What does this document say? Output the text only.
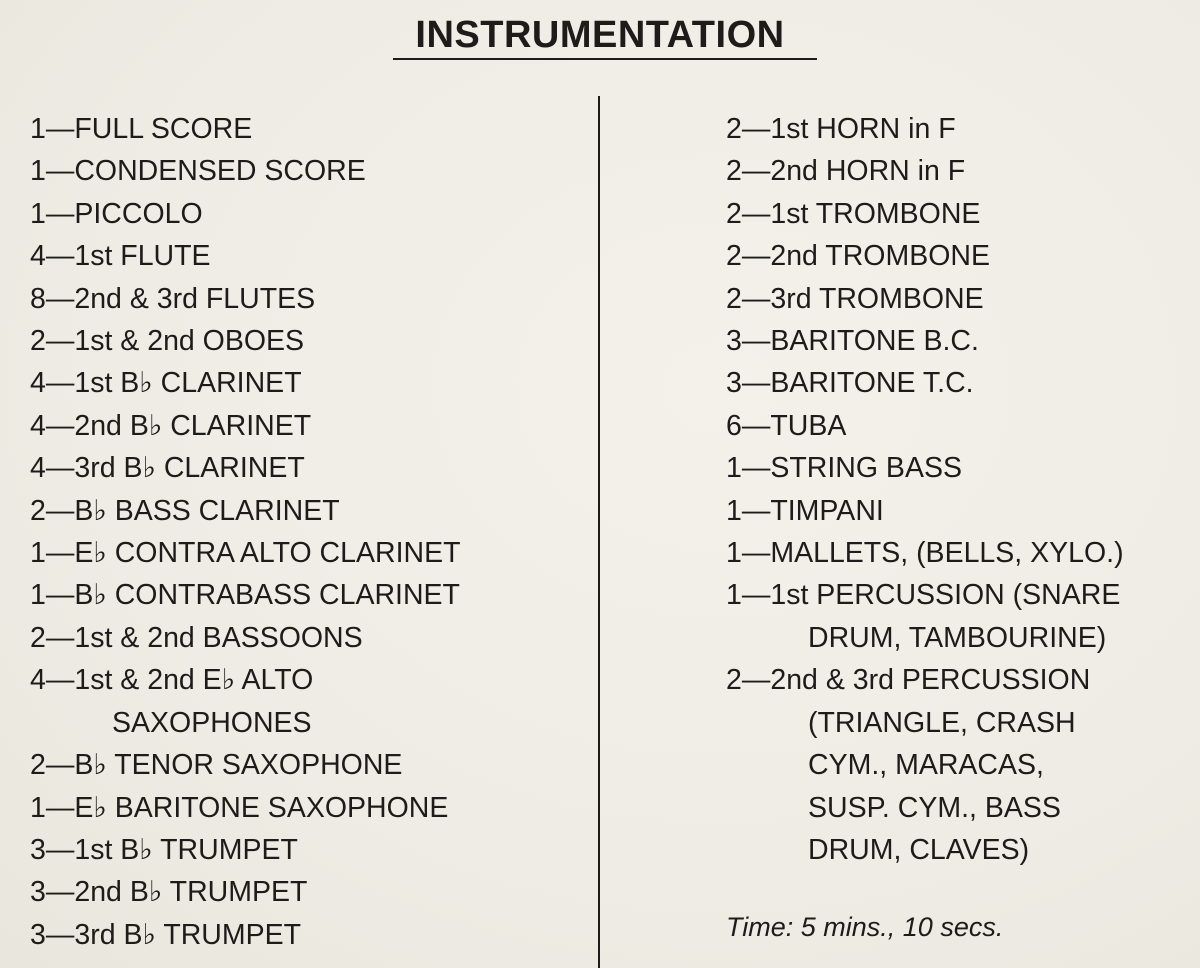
INSTRUMENTATION
1—FULL SCORE
1—CONDENSED SCORE
1—PICCOLO
4—1st FLUTE
8—2nd & 3rd FLUTES
2—1st & 2nd OBOES
4—1st B♭ CLARINET
4—2nd B♭ CLARINET
4—3rd B♭ CLARINET
2—B♭ BASS CLARINET
1—E♭ CONTRA ALTO CLARINET
1—B♭ CONTRABASS CLARINET
2—1st & 2nd BASSOONS
4—1st & 2nd E♭ ALTO
SAXOPHONES
2—B♭ TENOR SAXOPHONE
1—E♭ BARITONE SAXOPHONE
3—1st B♭ TRUMPET
3—2nd B♭ TRUMPET
3—3rd B♭ TRUMPET
2—1st HORN in F
2—2nd HORN in F
2—1st TROMBONE
2—2nd TROMBONE
2—3rd TROMBONE
3—BARITONE B.C.
3—BARITONE T.C.
6—TUBA
1—STRING BASS
1—TIMPANI
1—MALLETS, (BELLS, XYLO.)
1—1st PERCUSSION (SNARE
DRUM, TAMBOURINE)
2—2nd & 3rd PERCUSSION
(TRIANGLE, CRASH
CYM., MARACAS,
SUSP. CYM., BASS
DRUM, CLAVES)
Time: 5 mins., 10 secs.
